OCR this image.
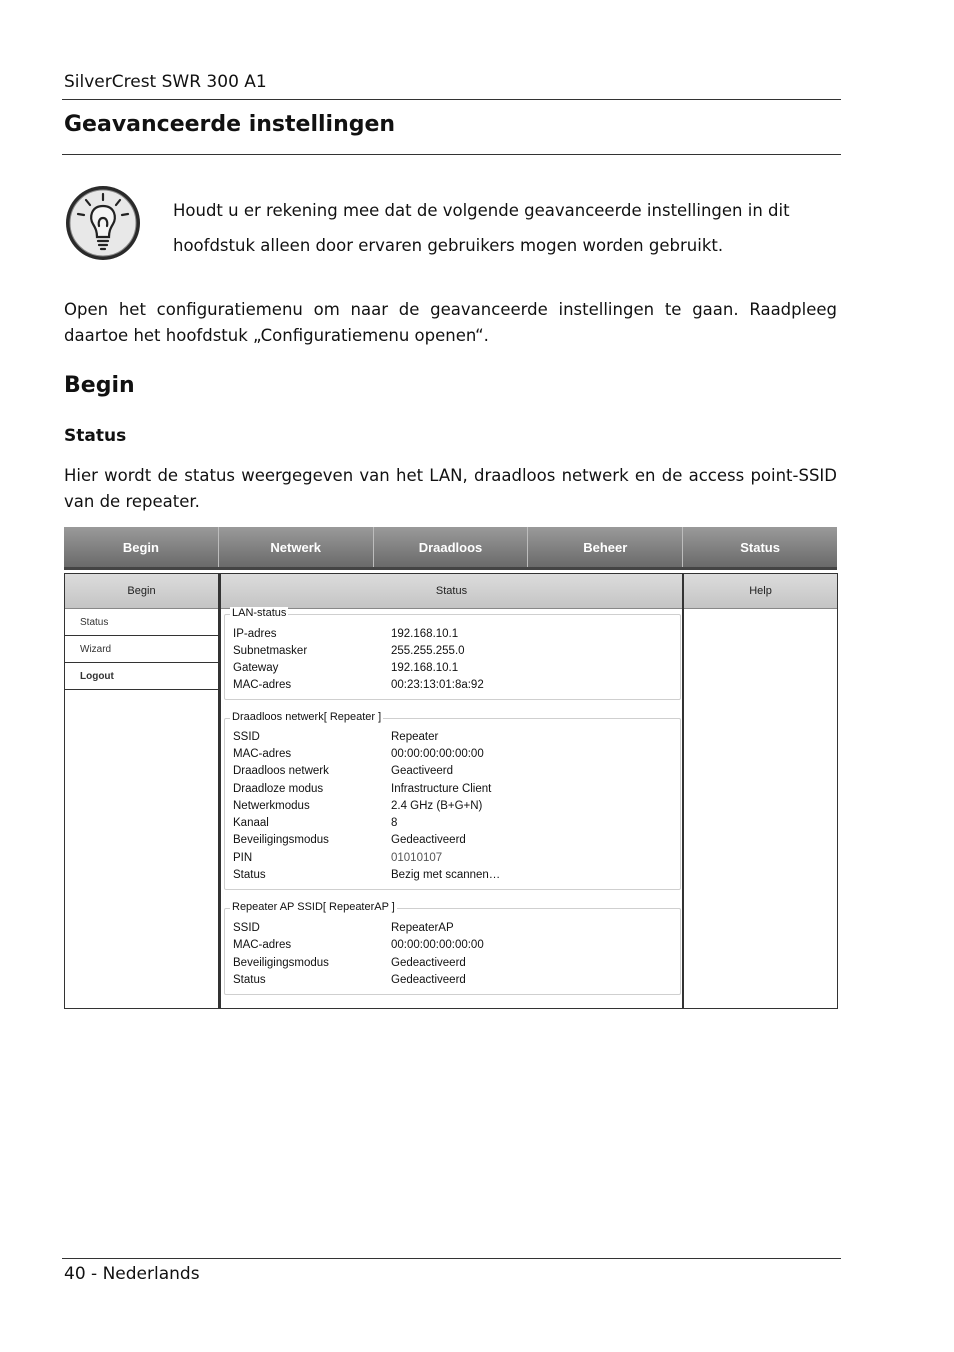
SilverCrest SWR 300 A1
Geavanceerde instellingen
Houdt u er rekening mee dat de volgende geavanceerde instellingen in dit hoofdstuk alleen door ervaren gebruikers mogen worden gebruikt.
Open het configuratiemenu om naar de geavanceerde instellingen te gaan. Raadpleeg daartoe het hoofdstuk „Configuratiemenu openen“.
Begin
Status
Hier wordt de status weergegeven van het LAN, draadloos netwerk en de access point-SSID van de repeater.
Begin	Netwerk	Draadloos	Beheer	Status
Begin
Status
Wizard
Logout
Status
LAN-status
IP-adres	192.168.10.1
Subnetmasker	255.255.255.0
Gateway	192.168.10.1
MAC-adres	00:23:13:01:8a:92
Draadloos netwerk[ Repeater ]
SSID	Repeater
MAC-adres	00:00:00:00:00:00
Draadloos netwerk	Geactiveerd
Draadloze modus	Infrastructure Client
Netwerkmodus	2.4 GHz (B+G+N)
Kanaal	8
Beveiligingsmodus	Gedeactiveerd
PIN	01010107
Status	Bezig met scannen…
Repeater AP SSID[ RepeaterAP ]
SSID	RepeaterAP
MAC-adres	00:00:00:00:00:00
Beveiligingsmodus	Gedeactiveerd
Status	Gedeactiveerd
Help
40 - Nederlands
